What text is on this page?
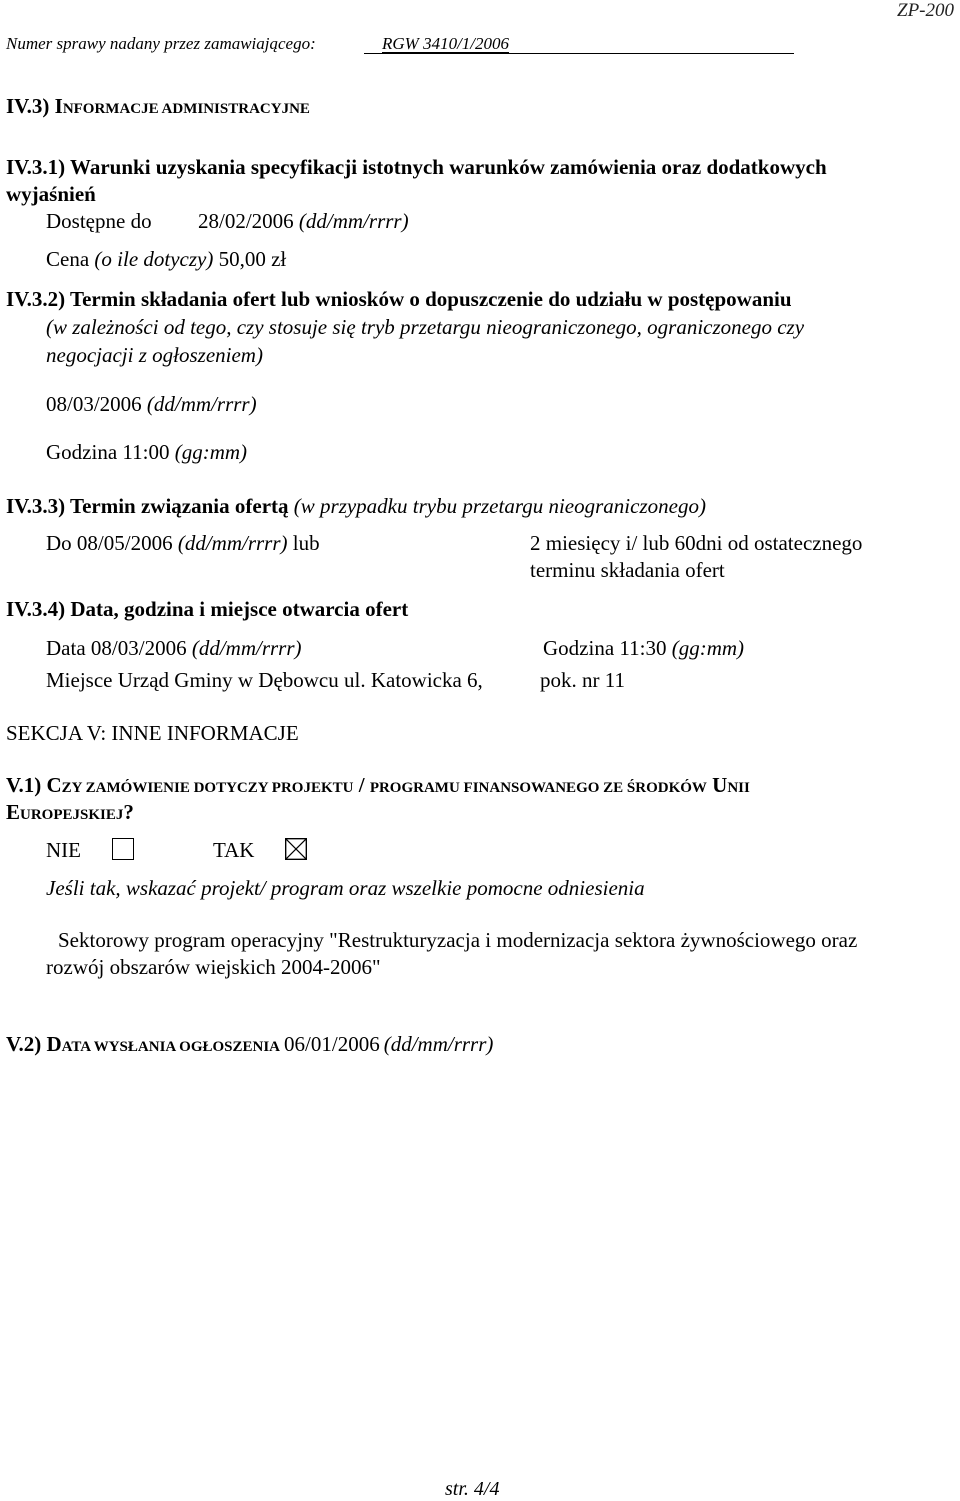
ZP-200
Numer sprawy nadany przez zamawiającego:	RGW 3410/1/2006
IV.3) INFORMACJE ADMINISTRACYJNE
IV.3.1) Warunki uzyskania specyfikacji istotnych warunków zamówienia oraz dodatkowych
wyjaśnień
Dostępne do 28/02/2006 (dd/mm/rrrr)
Cena (o ile dotyczy) 50,00 zł
IV.3.2) Termin składania ofert lub wniosków o dopuszczenie do udziału w postępowaniu
(w zależności od tego, czy stosuje się tryb przetargu nieograniczonego, ograniczonego czy
negocjacji z ogłoszeniem)
08/03/2006 (dd/mm/rrrr)
Godzina 11:00 (gg:mm)
IV.3.3) Termin związania ofertą (w przypadku trybu przetargu nieograniczonego)
Do 08/05/2006 (dd/mm/rrrr) lub	2 miesięcy i/ lub 60dni od ostatecznego
terminu składania ofert
IV.3.4) Data, godzina i miejsce otwarcia ofert
Data 08/03/2006 (dd/mm/rrrr)	Godzina 11:30 (gg:mm)
Miejsce Urząd Gminy w Dębowcu ul. Katowicka 6,	pok. nr 11
SEKCJA V: INNE INFORMACJE
V.1) CZY ZAMÓWIENIE DOTYCZY PROJEKTU / PROGRAMU FINANSOWANEGO ZE ŚRODKÓW UNII
EUROPEJSKIEJ?
NIE	TAK
Jeśli tak, wskazać projekt/ program oraz wszelkie pomocne odniesienia
Sektorowy program operacyjny "Restrukturyzacja i modernizacja sektora żywnościowego oraz
rozwój obszarów wiejskich 2004-2006"
V.2) DATA WYSŁANIA OGŁOSZENIA 06/01/2006 (dd/mm/rrrr)
str. 4/4
